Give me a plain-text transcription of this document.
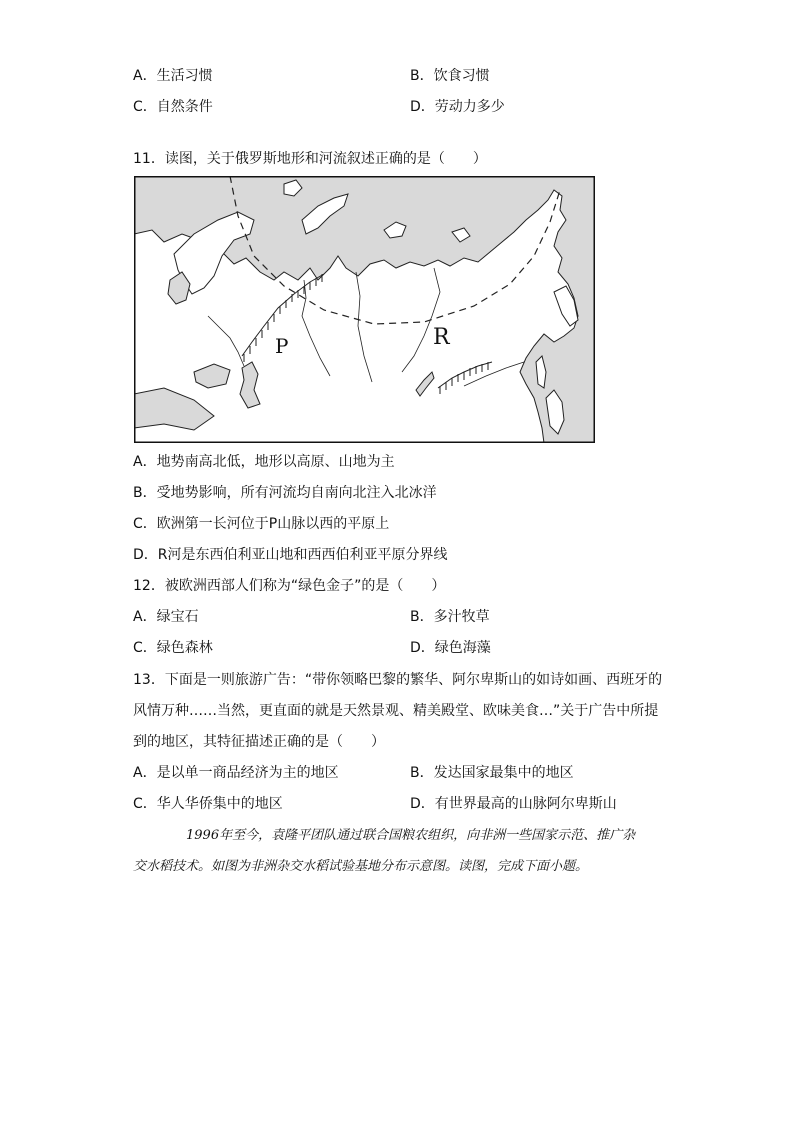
A．生活习惯	B．饮食习惯
C．自然条件	D．劳动力多少
11．读图，关于俄罗斯地形和河流叙述正确的是（　　）
P	R
A．地势南高北低，地形以高原、山地为主
B．受地势影响，所有河流均自南向北注入北冰洋
C．欧洲第一长河位于P山脉以西的平原上
D．R河是东西伯利亚山地和西西伯利亚平原分界线
12．被欧洲西部人们称为“绿色金子”的是（　　）
A．绿宝石	B．多汁牧草
C．绿色森林	D．绿色海藻
13．下面是一则旅游广告：“带你领略巴黎的繁华、阿尔卑斯山的如诗如画、西班牙的
风情万种……当然，更直面的就是天然景观、精美殿堂、欧味美食…”关于广告中所提
到的地区，其特征描述正确的是（　　）
A．是以单一商品经济为主的地区	B．发达国家最集中的地区
C．华人华侨集中的地区	D．有世界最高的山脉阿尔卑斯山
1996年至今，袁隆平团队通过联合国粮农组织，向非洲一些国家示范、推广杂
交水稻技术。如图为非洲杂交水稻试验基地分布示意图。读图，完成下面小题。
